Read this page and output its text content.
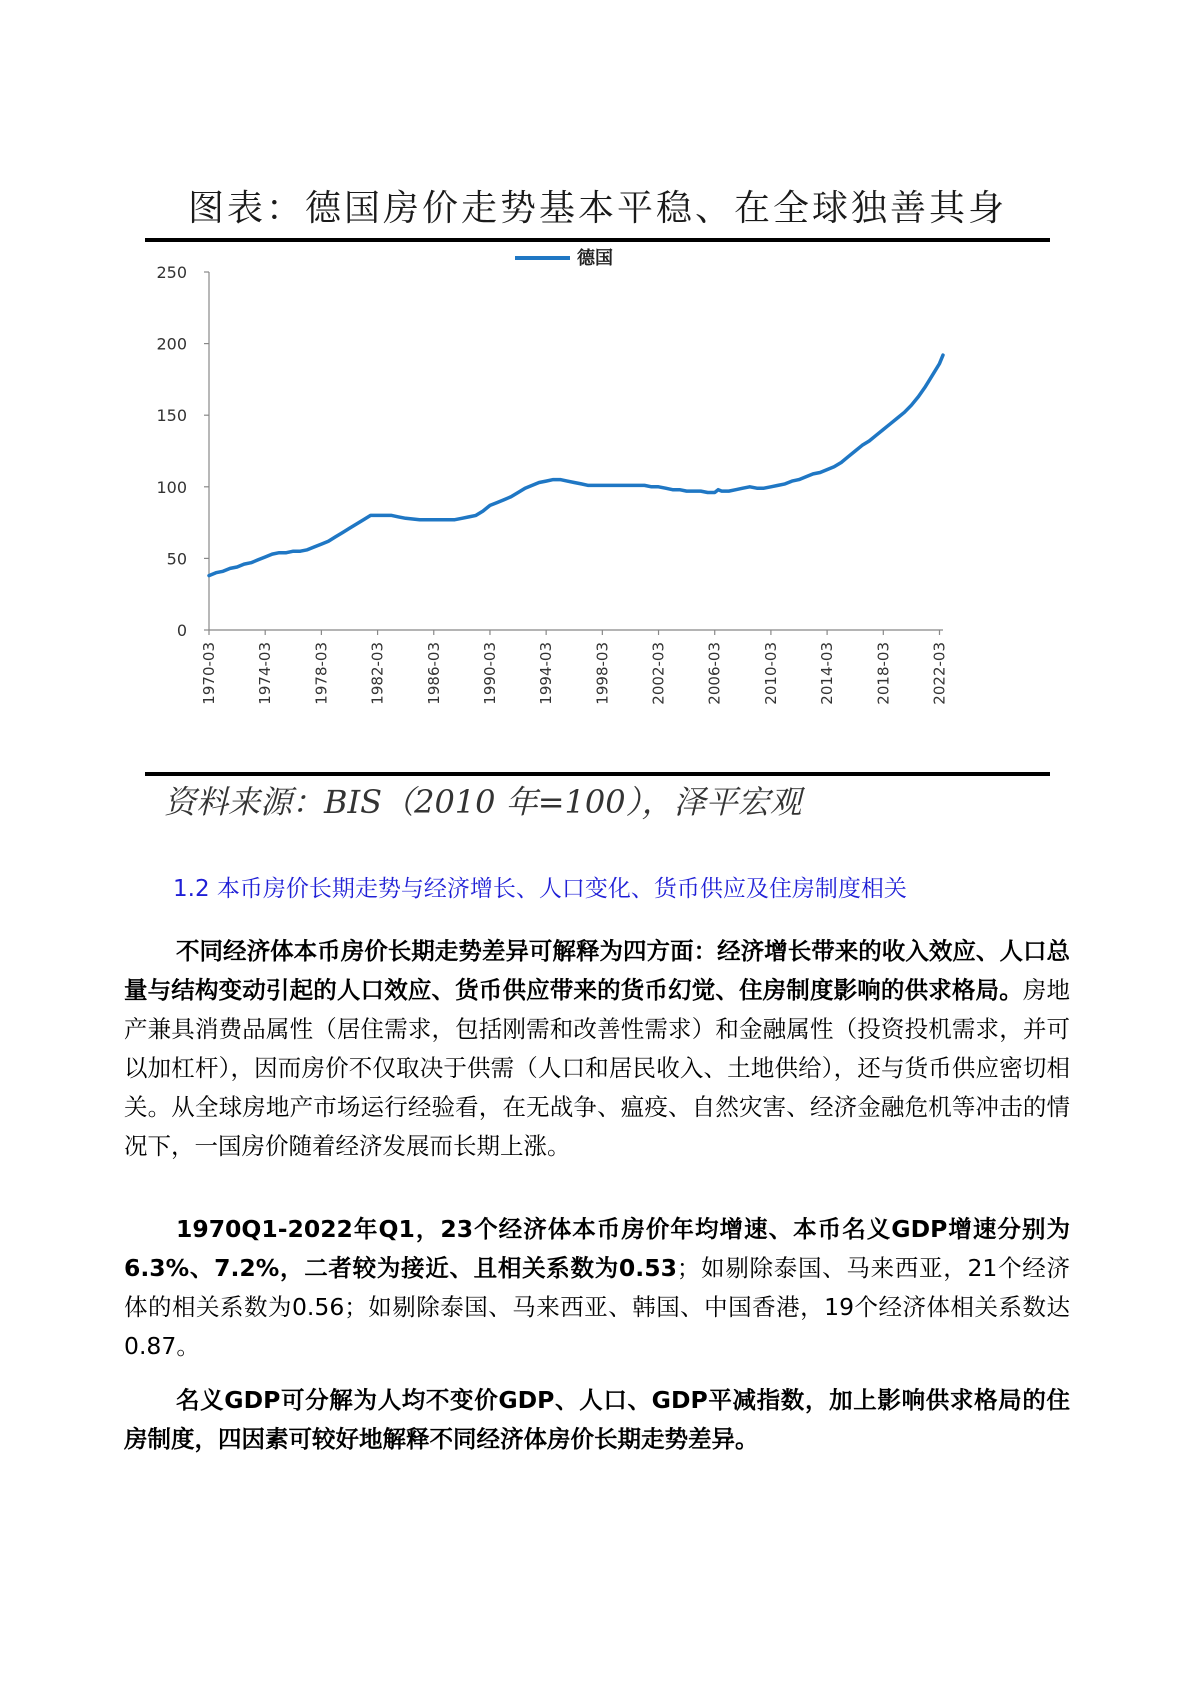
图表：德国房价走势基本平稳、在全球独善其身
德国
0
50
100
150
200
250
1970-03	1974-03	1978-03	1982-03	1986-03	1990-03	1994-03	1998-03	2002-03	2006-03	2010-03	2014-03	2018-03	2022-03

资料来源：BIS（2010 年=100），泽平宏观

1.2 本币房价长期走势与经济增长、人口变化、货币供应及住房制度相关

不同经济体本币房价长期走势差异可解释为四方面：经济增长带来的收入效应、人口总量与结构变动引起的人口效应、货币供应带来的货币幻觉、住房制度影响的供求格局。房地产兼具消费品属性（居住需求，包括刚需和改善性需求）和金融属性（投资投机需求，并可以加杠杆），因而房价不仅取决于供需（人口和居民收入、土地供给），还与货币供应密切相关。从全球房地产市场运行经验看，在无战争、瘟疫、自然灾害、经济金融危机等冲击的情况下，一国房价随着经济发展而长期上涨。

1970Q1-2022年Q1，23个经济体本币房价年均增速、本币名义GDP增速分别为6.3%、7.2%，二者较为接近、且相关系数为0.53；如剔除泰国、马来西亚，21个经济体的相关系数为0.56；如剔除泰国、马来西亚、韩国、中国香港，19个经济体相关系数达0.87。

名义GDP可分解为人均不变价GDP、人口、GDP平减指数，加上影响供求格局的住房制度，四因素可较好地解释不同经济体房价长期走势差异。
